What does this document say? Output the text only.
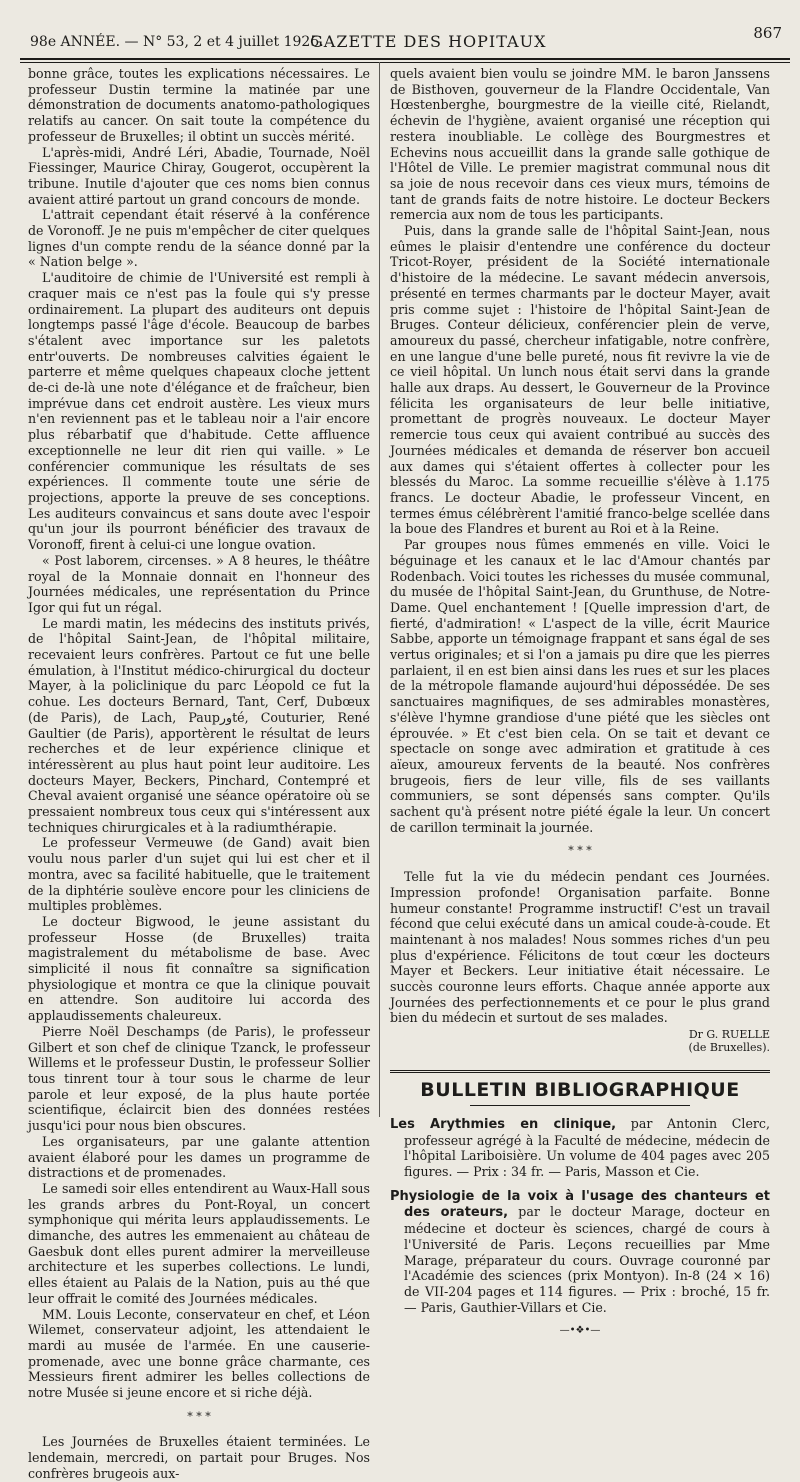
98e ANNÉE. — N° 53, 2 et 4 juillet 1925.
GAZETTE DES HOPITAUX	867

bonne grâce, toutes les explications nécessaires. Le professeur Dustin termine la matinée par une démonstration de documents anatomo-pathologiques relatifs au cancer. On sait toute la compétence du professeur de Bruxelles; il obtint un succès mérité.

L'après-midi, André Léri, Abadie, Tournade, Noël Fiessinger, Maurice Chiray, Gougerot, occupèrent la tribune. Inutile d'ajouter que ces noms bien connus avaient attiré partout un grand concours de monde.

L'attrait cependant était réservé à la conférence de Voronoff. Je ne puis m'empêcher de citer quelques lignes d'un compte rendu de la séance donné par la « Nation belge ».

L'auditoire de chimie de l'Université est rempli à craquer mais ce n'est pas la foule qui s'y presse ordinairement. La plupart des auditeurs ont depuis longtemps passé l'âge d'école. Beaucoup de barbes s'étalent avec importance sur les paletots entr'ouverts. De nombreuses calvities égaient le parterre et même quelques chapeaux cloche jettent de-ci de-là une note d'élégance et de fraîcheur, bien imprévue dans cet endroit austère. Les vieux murs n'en reviennent pas et le tableau noir a l'air encore plus rébarbatif que d'habitude. Cette affluence exceptionnelle ne leur dit rien qui vaille. » Le conférencier communique les résultats de ses expériences. Il commente toute une série de projections, apporte la preuve de ses conceptions. Les auditeurs convaincus et sans doute avec l'espoir qu'un jour ils pourront bénéficier des travaux de Voronoff, firent à celui-ci une longue ovation.

« Post laborem, circenses. » A 8 heures, le théâtre royal de la Monnaie donnait en l'honneur des Journées médicales, une représentation du Prince Igor qui fut un régal.

Le mardi matin, les médecins des instituts privés, de l'hôpital Saint-Jean, de l'hôpital militaire, recevaient leurs confrères. Partout ce fut une belle émulation, à l'Institut médico-chirurgical du docteur Mayer, à la policlinique du parc Léopold ce fut la cohue. Les docteurs Bernard, Tant, Cerf, Dubœux (de Paris), de Lach, Paupورté, Couturier, René Gaultier (de Paris), apportèrent le résultat de leurs recherches et de leur expérience clinique et intéressèrent au plus haut point leur auditoire. Les docteurs Mayer, Beckers, Pinchard, Contempré et Cheval avaient organisé une séance opératoire où se pressaient nombreux tous ceux qui s'intéressent aux techniques chirurgicales et à la radiumthérapie.

Le professeur Vermeuwe (de Gand) avait bien voulu nous parler d'un sujet qui lui est cher et il montra, avec sa facilité habituelle, que le traitement de la diphtérie soulève encore pour les cliniciens de multiples problèmes.

Le docteur Bigwood, le jeune assistant du professeur Hosse (de Bruxelles) traita magistralement du métabolisme de base. Avec simplicité il nous fit connaître sa signification physiologique et montra ce que la clinique pouvait en attendre. Son auditoire lui accorda des applaudissements chaleureux.

Pierre Noël Deschamps (de Paris), le professeur Gilbert et son chef de clinique Tzanck, le professeur Willems et le professeur Dustin, le professeur Sollier tous tinrent tour à tour sous le charme de leur parole et leur exposé, de la plus haute portée scientifique, éclaircit bien des données restées jusqu'ici pour nous bien obscures.

Les organisateurs, par une galante attention avaient élaboré pour les dames un programme de distractions et de promenades.

Le samedi soir elles entendirent au Waux-Hall sous les grands arbres du Pont-Royal, un concert symphonique qui mérita leurs applaudissements. Le dimanche, des autres les emmenaient au château de Gaesbuk dont elles purent admirer la merveilleuse architecture et les superbes collections. Le lundi, elles étaient au Palais de la Nation, puis au thé que leur offrait le comité des Journées médicales.

MM. Louis Leconte, conservateur en chef, et Léon Wilemet, conservateur adjoint, les attendaient le mardi au musée de l'armée. En une causerie-promenade, avec une bonne grâce charmante, ces Messieurs firent admirer les belles collections de notre Musée si jeune encore et si riche déjà.

* * *

Les Journées de Bruxelles étaient terminées. Le lendemain, mercredi, on partait pour Bruges. Nos confrères brugeois aux-

quels avaient bien voulu se joindre MM. le baron Janssens de Bisthoven, gouverneur de la Flandre Occidentale, Van Hœstenberghe, bourgmestre de la vieille cité, Rielandt, échevin de l'hygiène, avaient organisé une réception qui restera inoubliable. Le collège des Bourgmestres et Echevins nous accueillit dans la grande salle gothique de l'Hôtel de Ville. Le premier magistrat communal nous dit sa joie de nous recevoir dans ces vieux murs, témoins de tant de grands faits de notre histoire. Le docteur Beckers remercia aux nom de tous les participants.

Puis, dans la grande salle de l'hôpital Saint-Jean, nous eûmes le plaisir d'entendre une conférence du docteur Tricot-Royer, président de la Société internationale d'histoire de la médecine. Le savant médecin anversois, présenté en termes charmants par le docteur Mayer, avait pris comme sujet : l'histoire de l'hôpital Saint-Jean de Bruges. Conteur délicieux, conférencier plein de verve, amoureux du passé, chercheur infatigable, notre confrère, en une langue d'une belle pureté, nous fit revivre la vie de ce vieil hôpital. Un lunch nous était servi dans la grande halle aux draps. Au dessert, le Gouverneur de la Province félicita les organisateurs de leur belle initiative, promettant de progrès nouveaux. Le docteur Mayer remercie tous ceux qui avaient contribué au succès des Journées médicales et demanda de réserver bon accueil aux dames qui s'étaient offertes à collecter pour les blessés du Maroc. La somme recueillie s'élève à 1.175 francs. Le docteur Abadie, le professeur Vincent, en termes émus célébrèrent l'amitié franco-belge scellée dans la boue des Flandres et burent au Roi et à la Reine.

Par groupes nous fûmes emmenés en ville. Voici le béguinage et les canaux et le lac d'Amour chantés par Rodenbach. Voici toutes les richesses du musée communal, du musée de l'hôpital Saint-Jean, du Grunthuse, de Notre-Dame. Quel enchantement ! [Quelle impression d'art, de fierté, d'admiration! « L'aspect de la ville, écrit Maurice Sabbe, apporte un témoignage frappant et sans égal de ses vertus originales; et si l'on a jamais pu dire que les pierres parlaient, il en est bien ainsi dans les rues et sur les places de la métropole flamande aujourd'hui dépossédée. De ses sanctuaires magnifiques, de ses admirables monastères, s'élève l'hymne grandiose d'une piété que les siècles ont éprouvée. » Et c'est bien cela. On se tait et devant ce spectacle on songe avec admiration et gratitude à ces aïeux, amoureux fervents de la beauté. Nos confrères brugeois, fiers de leur ville, fils de ses vaillants communiers, se sont dépensés sans compter. Qu'ils sachent qu'à présent notre piété égale la leur. Un concert de carillon terminait la journée.

* * *

Telle fut la vie du médecin pendant ces Journées. Impression profonde! Organisation parfaite. Bonne humeur constante! Programme instructif! C'est un travail fécond que celui exécuté dans un amical coude-à-coude. Et maintenant à nos malades! Nous sommes riches d'un peu plus d'expérience. Félicitons de tout cœur les docteurs Mayer et Beckers. Leur initiative était nécessaire. Le succès couronne leurs efforts. Chaque année apporte aux Journées des perfectionnements et ce pour le plus grand bien du médecin et surtout de ses malades.

Dr G. RUELLE
(de Bruxelles).
BULLETIN BIBLIOGRAPHIQUE
Les Arythmies en clinique, par Antonin Clerc, professeur agrégé à la Faculté de médecine, médecin de l'hôpital Lariboisière. Un volume de 404 pages avec 205 figures. — Prix : 34 fr. — Paris, Masson et Cie.
Physiologie de la voix à l'usage des chanteurs et des orateurs, par le docteur Marage, docteur en médecine et docteur ès sciences, chargé de cours à l'Université de Paris. Leçons recueillies par Mme Marage, préparateur du cours. Ouvrage couronné par l'Académie des sciences (prix Montyon). In-8 (24 × 16) de VII-204 pages et 114 figures. — Prix : broché, 15 fr. — Paris, Gauthier-Villars et Cie.
—•❖•—
